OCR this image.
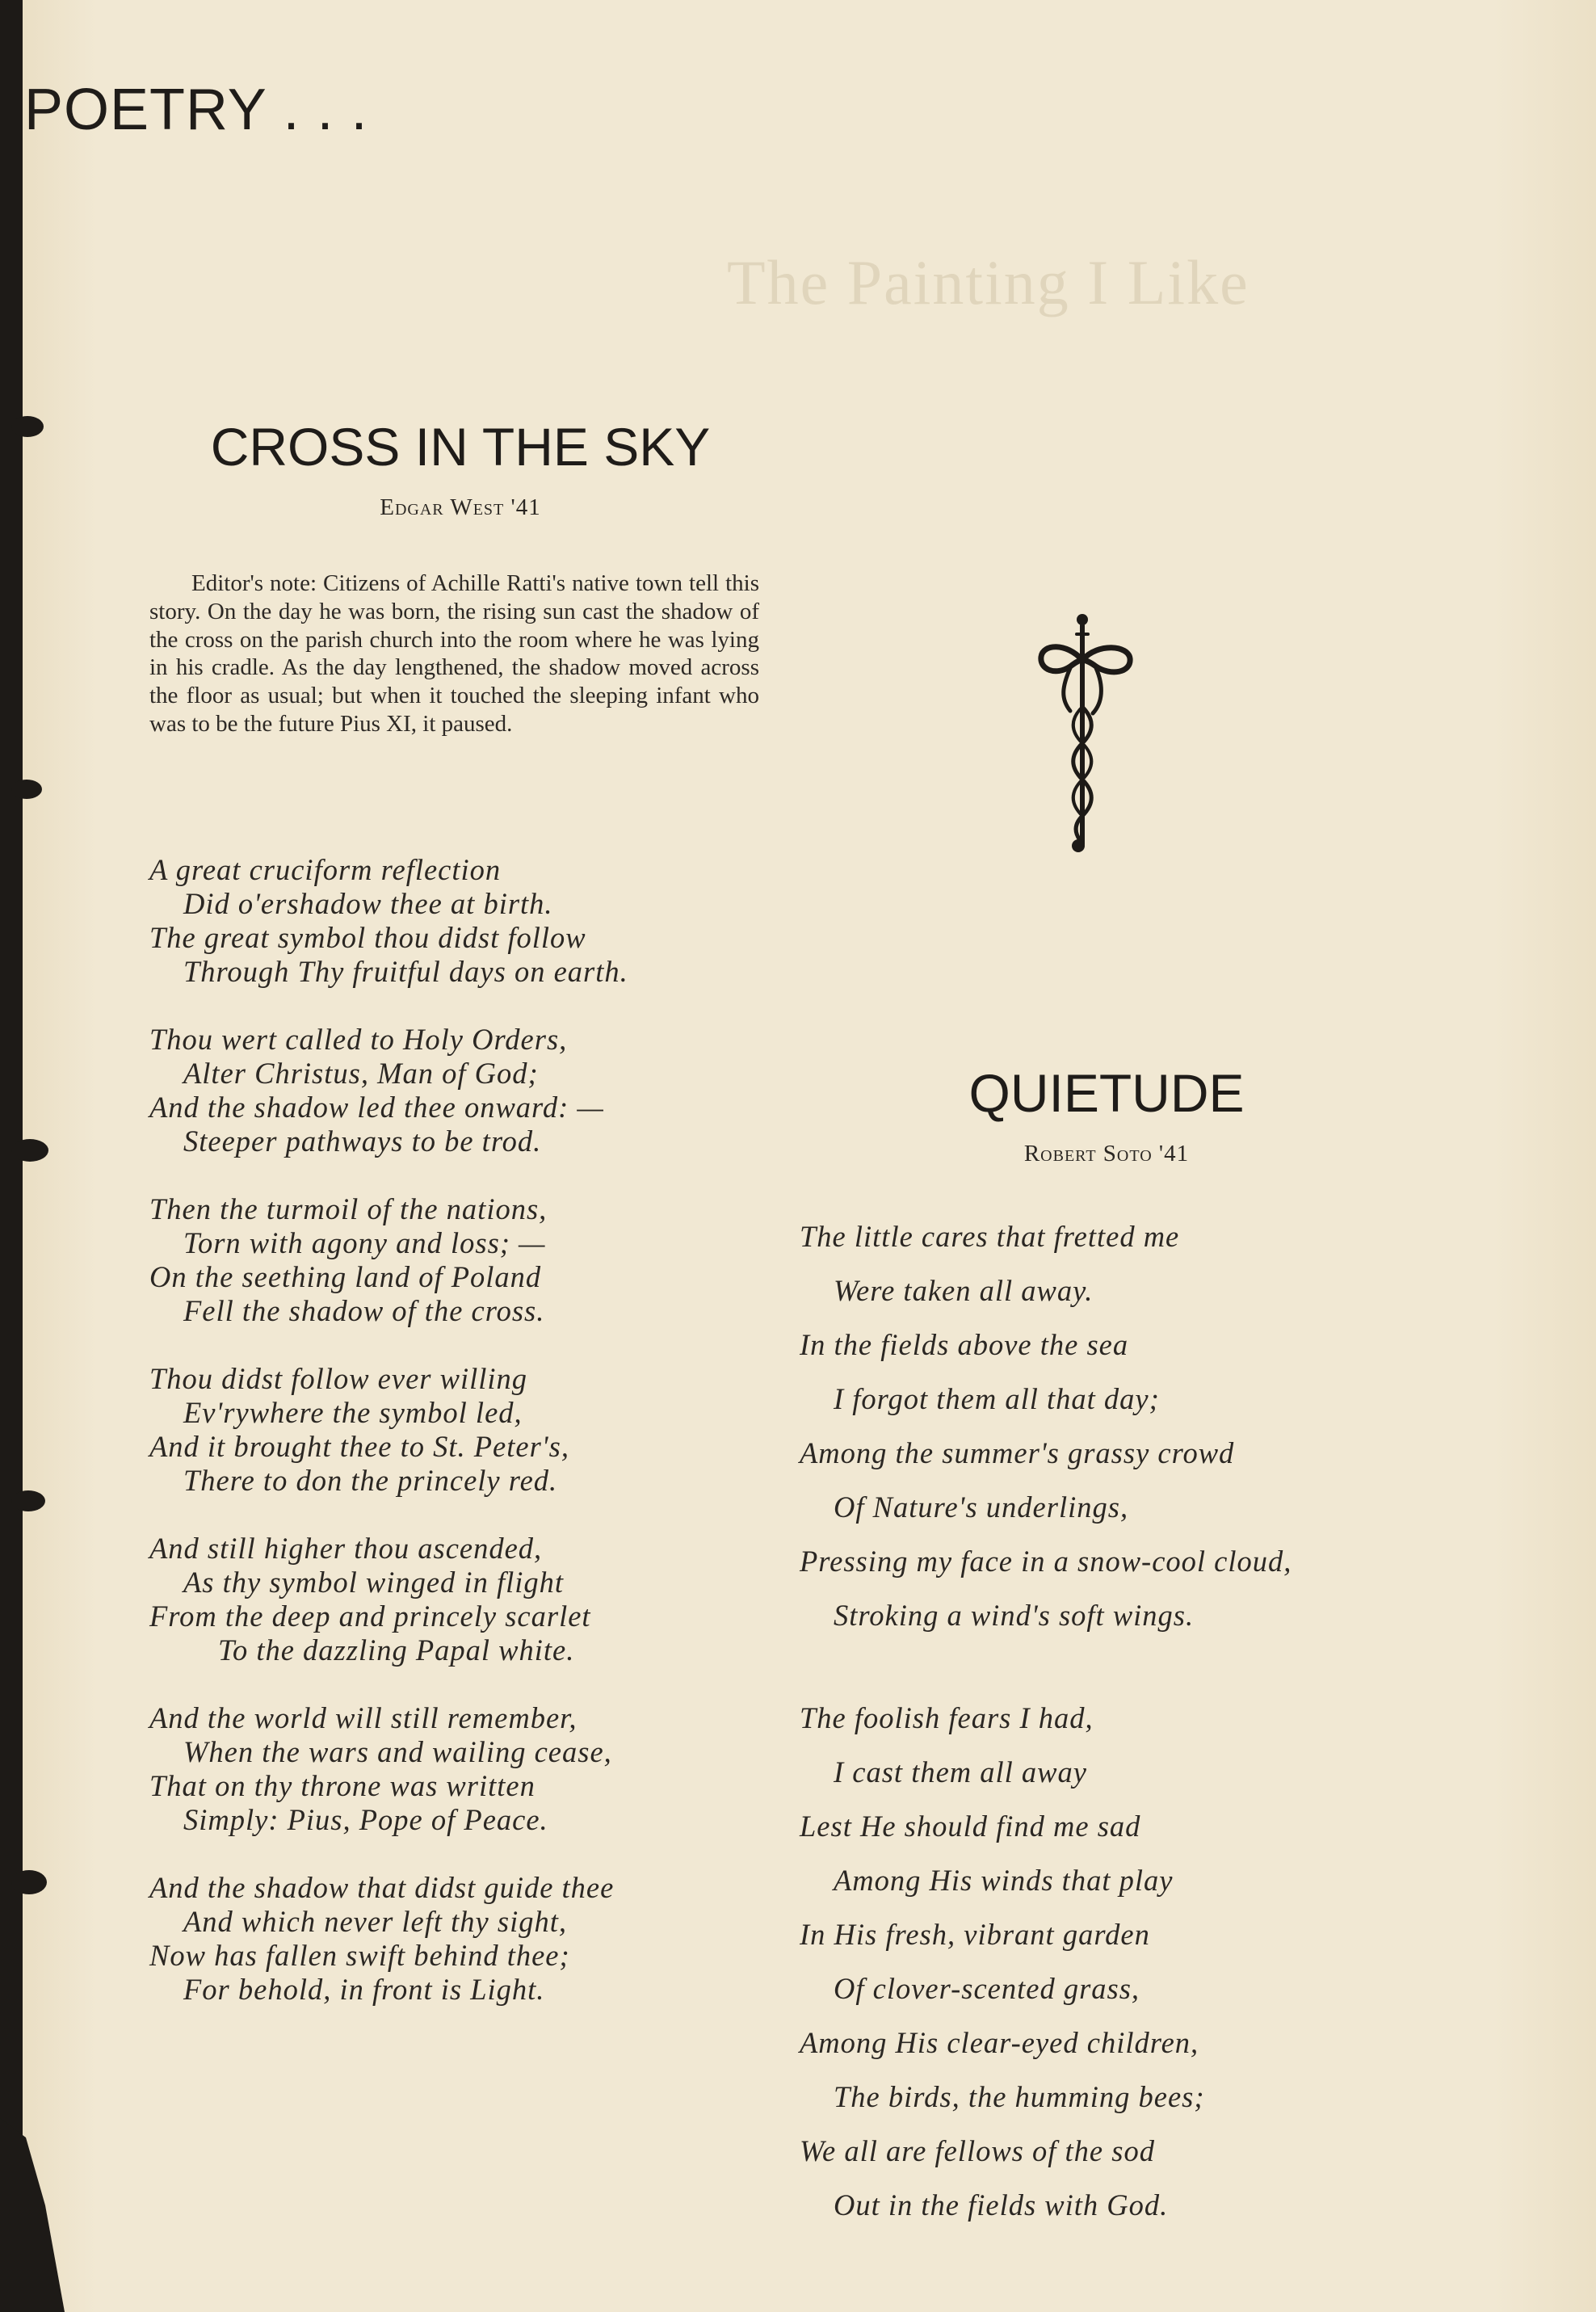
The Painting I Like
POETRY . . .
CROSS IN THE SKY
Edgar West '41

Editor's note: Citizens of Achille Ratti's native town tell this story. On the day he was born, the rising sun cast the shadow of the cross on the parish church into the room where he was lying in his cradle. As the day lengthened, the shadow moved across the floor as usual; but when it touched the sleeping infant who was to be the future Pius XI, it paused.

A great cruciform reflection
Did o'ershadow thee at birth.
The great symbol thou didst follow
Through Thy fruitful days on earth.
Thou wert called to Holy Orders,
Alter Christus, Man of God;
And the shadow led thee onward: —
Steeper pathways to be trod.
Then the turmoil of the nations,
Torn with agony and loss; —
On the seething land of Poland
Fell the shadow of the cross.
Thou didst follow ever willing
Ev'rywhere the symbol led,
And it brought thee to St. Peter's,
There to don the princely red.
And still higher thou ascended,
As thy symbol winged in flight
From the deep and princely scarlet
To the dazzling Papal white.
And the world will still remember,
When the wars and wailing cease,
That on thy throne was written
Simply: Pius, Pope of Peace.
And the shadow that didst guide thee
And which never left thy sight,
Now has fallen swift behind thee;
For behold, in front is Light.
QUIETUDE
Robert Soto '41
The little cares that fretted me
Were taken all away.
In the fields above the sea
I forgot them all that day;
Among the summer's grassy crowd
Of Nature's underlings,
Pressing my face in a snow-cool cloud,
Stroking a wind's soft wings.
The foolish fears I had,
I cast them all away
Lest He should find me sad
Among His winds that play
In His fresh, vibrant garden
Of clover-scented grass,
Among His clear-eyed children,
The birds, the humming bees;
We all are fellows of the sod
Out in the fields with God.
